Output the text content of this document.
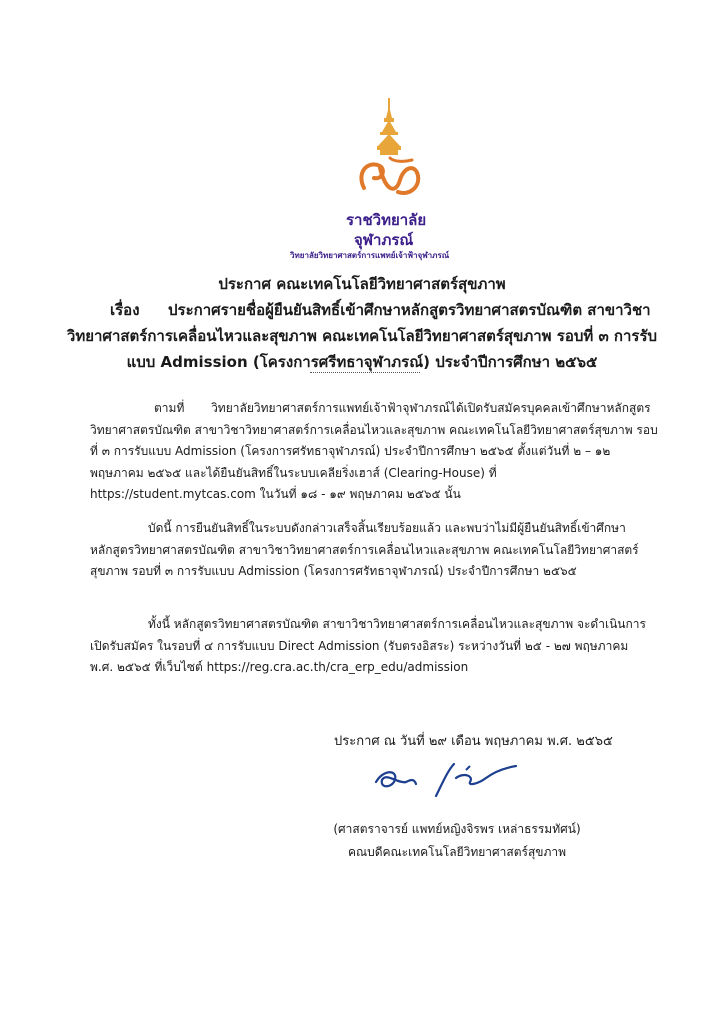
ราชวิทยาลัย
จุฬาภรณ์
วิทยาลัยวิทยาศาสตร์การแพทย์เจ้าฟ้าจุฬาภรณ์
ประกาศ คณะเทคโนโลยีวิทยาศาสตร์สุขภาพ
เรื่อง ประกาศรายชื่อผู้ยืนยันสิทธิ์เข้าศึกษาหลักสูตรวิทยาศาสตรบัณฑิต สาขาวิชา
วิทยาศาสตร์การเคลื่อนไหวและสุขภาพ คณะเทคโนโลยีวิทยาศาสตร์สุขภาพ รอบที่ ๓ การรับ
แบบ Admission (โครงการศรีทธาจุฬาภรณ์) ประจำปีการศึกษา ๒๕๖๕
ตามที่ วิทยาลัยวิทยาศาสตร์การแพทย์เจ้าฟ้าจุฬาภรณ์ได้เปิดรับสมัครบุคคลเข้าศึกษาหลักสูตร
วิทยาศาสตรบัณฑิต สาขาวิชาวิทยาศาสตร์การเคลื่อนไหวและสุขภาพ คณะเทคโนโลยีวิทยาศาสตร์สุขภาพ รอบ
ที่ ๓ การรับแบบ Admission (โครงการศรัทธาจุฬาภรณ์) ประจำปีการศึกษา ๒๕๖๕ ตั้งแต่วันที่ ๒ – ๑๒
พฤษภาคม ๒๕๖๕ และได้ยืนยันสิทธิ์ในระบบเคลียริ่งเฮาส์ (Clearing-House) ที่
https://student.mytcas.com ในวันที่ ๑๘ - ๑๙ พฤษภาคม ๒๕๖๕ นั้น
บัดนี้ การยืนยันสิทธิ์ในระบบดังกล่าวเสร็จสิ้นเรียบร้อยแล้ว และพบว่าไม่มีผู้ยืนยันสิทธิ์เข้าศึกษา
หลักสูตรวิทยาศาสตรบัณฑิต สาขาวิชาวิทยาศาสตร์การเคลื่อนไหวและสุขภาพ คณะเทคโนโลยีวิทยาศาสตร์
สุขภาพ รอบที่ ๓ การรับแบบ Admission (โครงการศรัทธาจุฬาภรณ์) ประจำปีการศึกษา ๒๕๖๕
ทั้งนี้ หลักสูตรวิทยาศาสตรบัณฑิต สาขาวิชาวิทยาศาสตร์การเคลื่อนไหวและสุขภาพ จะดำเนินการ
เปิดรับสมัคร ในรอบที่ ๔ การรับแบบ Direct Admission (รับตรงอิสระ) ระหว่างวันที่ ๒๕ - ๒๗ พฤษภาคม
พ.ศ. ๒๕๖๕ ที่เว็บไซต์ https://reg.cra.ac.th/cra_erp_edu/admission
ประกาศ ณ วันที่ ๒๙ เดือน พฤษภาคม พ.ศ. ๒๕๖๕
(ศาสตราจารย์ แพทย์หญิงจิรพร เหล่าธรรมทัศน์)
คณบดีคณะเทคโนโลยีวิทยาศาสตร์สุขภาพ
